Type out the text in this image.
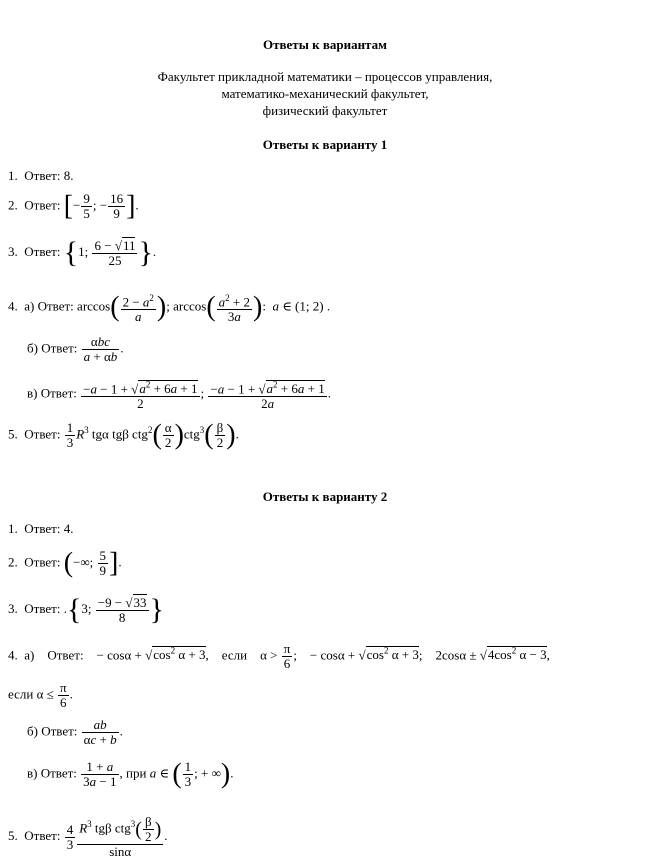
Ответы к вариантам
Факультет прикладной математики – процессов управления,
математико-механический факультет,
физический факультет
Ответы к варианту 1
1.  Ответ: 8.
2.  Ответ: [− $\frac{9}{5}$ ; − $\frac{16}{9}$ ].
3.  Ответ: {1; $\frac{6 - √11}{25}$ }.
4.  а) Ответ: $\arccos( \frac{2 - a^2}{a}$ ); $\arccos( \frac{a^2 + 2}{3a}$ ):  a ∈ (1; 2) .
б) Ответ:	αbc
a + αb
.
в) Ответ: $\frac{-a - 1 + √a^2 + 6a + 1}{2}$ ; $\frac{-a - 1 + √a^2 + 6a + 1}{2a}$ .
5.  Ответ: $\frac{1}{3} R^3$ tgα tgβ $ctg^2( \frac{\alpha}{2} )ctg^3( \frac{\beta}{2}$ ).
Ответы к варианту 2
1.  Ответ: 4.
2.  Ответ: (−∞; $\frac{5}{9}$ ].
3.  Ответ: .{3; $\frac{-9 - √33}{8}$ }
4.  а) Ответ:    − $\cos\alpha + √\cos^2$ α + 3,    если    $\alpha > \frac{\pi}{6}$ ;    − $\cos\alpha + √\cos^2$ α + 3;    $2\cos\alpha \pm √4\cos^2$ α − 3,
если $\alpha \le \frac{\pi}{6}$ .
б) Ответ: $\frac{ab}{\alpha c + b}$ .
в) Ответ: $\frac{1 + a}{3a - 1}$ , при a ∈ ( $\frac{1}{3}$ ; + ∞).
5.  Ответ: $\frac{4}{3} R^3$ tgβ $ctg^3( \frac{\beta}{2}$ )
sinα
.
